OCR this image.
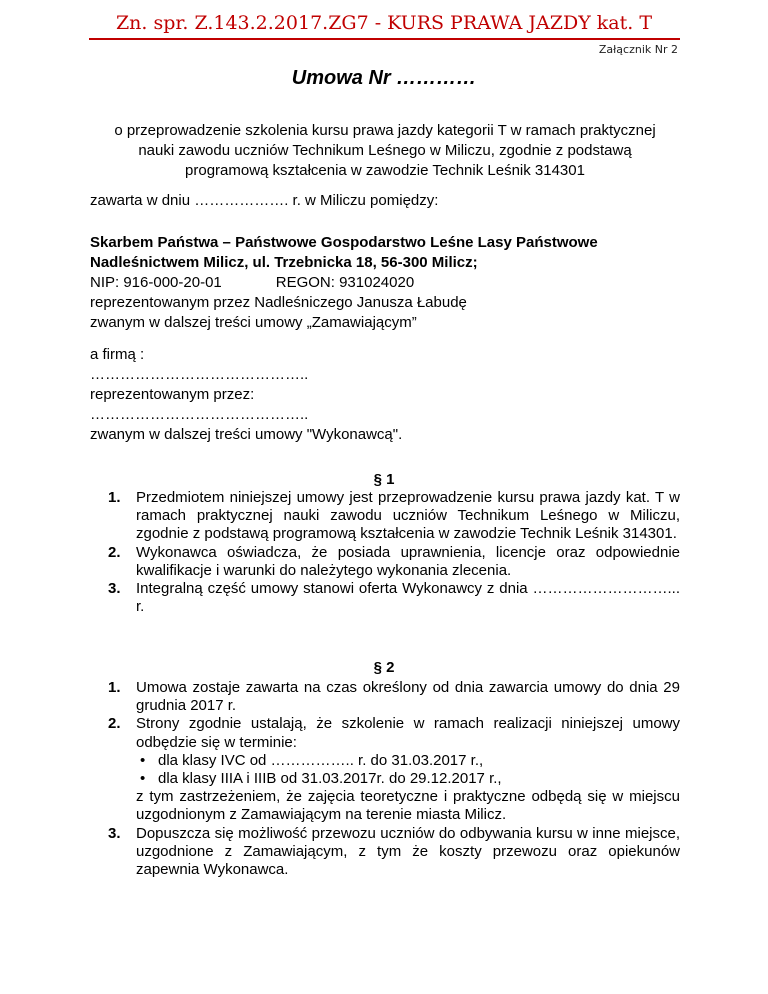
Zn. spr. Z.143.2.2017.ZG7 - KURS PRAWA JAZDY kat. T
Załącznik Nr 2
Umowa Nr …………

o przeprowadzenie szkolenia kursu prawa jazdy kategorii T w ramach praktycznej

nauki zawodu uczniów Technikum Leśnego w Miliczu, zgodnie z podstawą

programową kształcenia w zawodzie Technik Leśnik 314301

zawarta w dniu ………………. r. w Miliczu pomiędzy:

Skarbem Państwa – Państwowe Gospodarstwo Leśne Lasy Państwowe

Nadleśnictwem Milicz, ul. Trzebnicka 18, 56-300 Milicz;

NIP: 916-000-20-01	REGON: 931024020

reprezentowanym przez Nadleśniczego Janusza Łabudę

zwanym w dalszej treści umowy „Zamawiającym”

a firmą :

……………………………………..

reprezentowanym przez:

……………………………………..

zwanym w dalszej treści umowy "Wykonawcą".

§ 1
1. Przedmiotem niniejszej umowy jest przeprowadzenie kursu prawa jazdy kat. T w ramach praktycznej nauki zawodu uczniów Technikum Leśnego w Miliczu, zgodnie z podstawą programową kształcenia w zawodzie Technik Leśnik 314301.
2. Wykonawca oświadcza, że posiada uprawnienia, licencje oraz odpowiednie kwalifikacje i warunki do należytego wykonania zlecenia.
3. Integralną część umowy stanowi oferta Wykonawcy z dnia ………………………... r.
§ 2
1. Umowa zostaje zawarta na czas określony od dnia zawarcia umowy do dnia 29 grudnia 2017 r.
2. Strony zgodnie ustalają, że szkolenie w ramach realizacji niniejszej umowy odbędzie się w terminie:
• dla klasy IVC od …………….. r. do 31.03.2017 r.,
• dla klasy IIIA i IIIB od 31.03.2017r. do 29.12.2017 r.,
z tym zastrzeżeniem, że zajęcia teoretyczne i praktyczne odbędą się w miejscu uzgodnionym z Zamawiającym na terenie miasta Milicz.
3. Dopuszcza się możliwość przewozu uczniów do odbywania kursu w inne miejsce, uzgodnione z Zamawiającym, z tym że koszty przewozu oraz opiekunów zapewnia Wykonawca.
